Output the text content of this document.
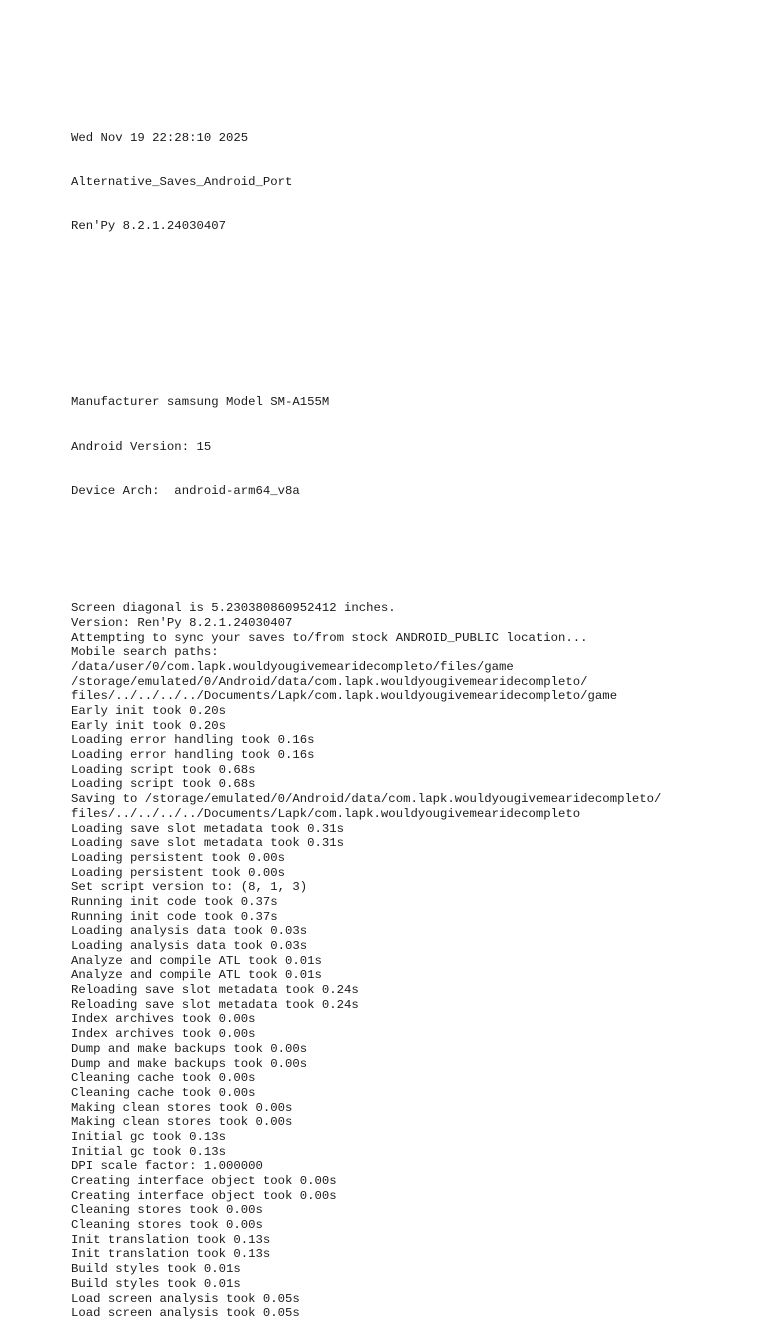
Wed Nov 19 22:28:10 2025

Alternative_Saves_Android_Port

Ren'Py 8.2.1.24030407

Manufacturer samsung Model SM-A155M

Android Version: 15

Device Arch:  android-arm64_v8a

Screen diagonal is 5.230380860952412 inches.
Version: Ren'Py 8.2.1.24030407
Attempting to sync your saves to/from stock ANDROID_PUBLIC location...
Mobile search paths:
/data/user/0/com.lapk.wouldyougivemearidecompleto/files/game
/storage/emulated/0/Android/data/com.lapk.wouldyougivemearidecompleto/
files/../../../../Documents/Lapk/com.lapk.wouldyougivemearidecompleto/game
Early init took 0.20s
Early init took 0.20s
Loading error handling took 0.16s
Loading error handling took 0.16s
Loading script took 0.68s
Loading script took 0.68s
Saving to /storage/emulated/0/Android/data/com.lapk.wouldyougivemearidecompleto/
files/../../../../Documents/Lapk/com.lapk.wouldyougivemearidecompleto
Loading save slot metadata took 0.31s
Loading save slot metadata took 0.31s
Loading persistent took 0.00s
Loading persistent took 0.00s
Set script version to: (8, 1, 3)
Running init code took 0.37s
Running init code took 0.37s
Loading analysis data took 0.03s
Loading analysis data took 0.03s
Analyze and compile ATL took 0.01s
Analyze and compile ATL took 0.01s
Reloading save slot metadata took 0.24s
Reloading save slot metadata took 0.24s
Index archives took 0.00s
Index archives took 0.00s
Dump and make backups took 0.00s
Dump and make backups took 0.00s
Cleaning cache took 0.00s
Cleaning cache took 0.00s
Making clean stores took 0.00s
Making clean stores took 0.00s
Initial gc took 0.13s
Initial gc took 0.13s
DPI scale factor: 1.000000
Creating interface object took 0.00s
Creating interface object took 0.00s
Cleaning stores took 0.00s
Cleaning stores took 0.00s
Init translation took 0.13s
Init translation took 0.13s
Build styles took 0.01s
Build styles took 0.01s
Load screen analysis took 0.05s
Load screen analysis took 0.05s
